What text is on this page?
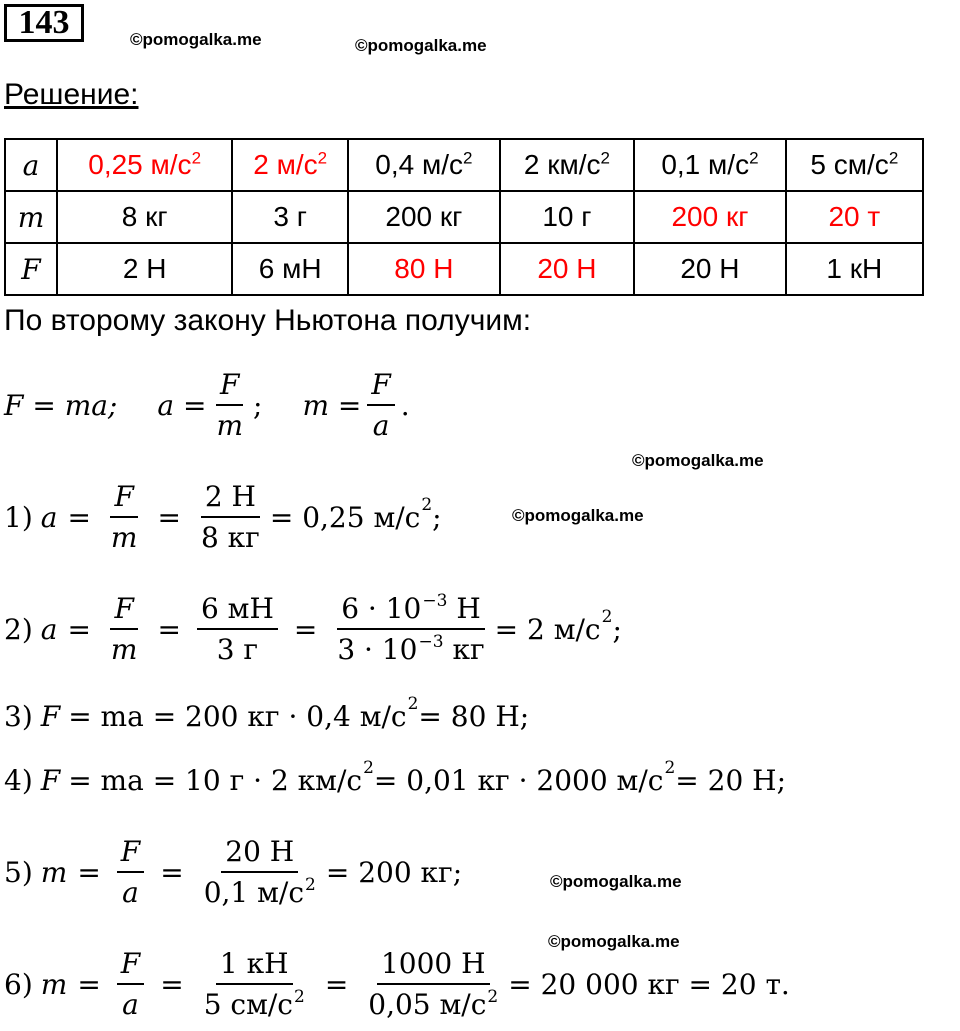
143	©pomogalka.me	©pomogalka.me
Решение:
a	0,25 $м/с^2$	2 $м/с^2$	0,4 $м/с^2$	2 $км/с^2$	0,1 $м/с^2$	5 $см/с^2$
m	8 кг	3 г	200 кг	10 г	200 кг	20 т
F	2 Н	6 мН	80 Н	20 Н	20 Н	1 кН
По второму закону Ньютона получим:
F = ma; $a = \frac{F}{m}$ ; $m = \frac{F}{a}$ .
©pomogalka.me
1) $a = \frac{F}{m} = \frac{2 Н}{8 кг} = 0,25$ м/с 2 ;	©pomogalka.me
2) $a = \frac{F}{m} = \frac{6 мН}{3 г} = \frac{6 \cdot 10^{-3} Н}{3 \cdot 10^{-3} кг} = 2$ м/с 2 ;
3) F = ma = 200 кг · 0,4 м/с 2 = 80 Н;
4) F = ma = 10 г · 2 км/с 2 = 0,01 кг · 2000 м/с 2 = 20 Н;
5) $m = \frac{F}{a} = \frac{20 Н}{0,1 м/с^2} = 200$ кг;	©pomogalka.me
©pomogalka.me
6) $m = \frac{F}{a} = \frac{1 кН}{5 см/с^2} = \frac{1000 Н}{0,05 м/с^2} = 20$ 000 кг = 20 т.
